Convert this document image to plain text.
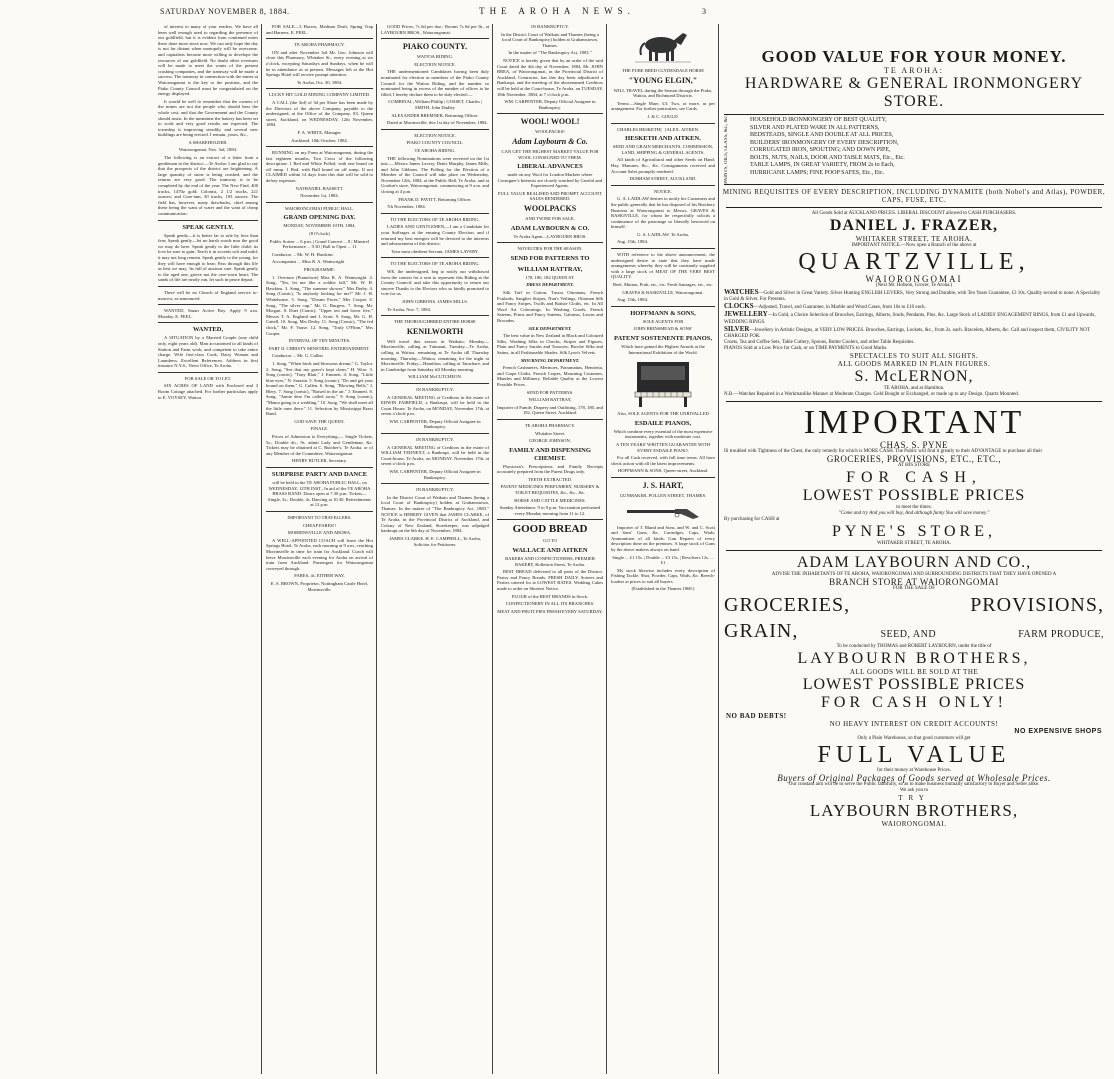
SATURDAY NOVEMBER 8, 1884.	THE AROHA NEWS.	3

of interest to many of your readers. We have all been well enough used to regarding the presence of our goldfield, but it is evident from continued notes there done more since now. We can only hope the day is not far distant when monopoly will be overcome, and capitalists become more willing to develope the resources of our goldfield. No doubt other overtures will be made to meet the wants of the present crushing companies, and the tramway will be made a success. The tramway in connection with the mines at Waiorongomai is the key to the position, and the Piako County Council must be congratulated on the energy displayed.

It would be well to remember that the owners of the mines are not the people who should bear the whole cost, and that the Government and the County should assist. In the meantime the battery has been set to work and very good results are expected. The township is improving steadily, and several new buildings are being erected. I remain, yours, &c.,

A SHAREHOLDER.

Waiorongomai, Nov. 3rd, 1884.

The following is an extract of a letter from a gentleman in the district:—Te Aroha: I am glad to say that the prospects of the district are brightening. A large quantity of stone is being crushed, and the returns are very good. The tramway is to be completed by the end of the year. The New Find, 400 trucks, 1470z gold; Colonist, 2 1/2 trucks, 221 ounces; and Cure-tam, 30 trucks, 103 ounces. The field has, however, many drawbacks, chief among these being the want of water and the want of cheap communication.

SPEAK GENTLY.

Speak gently—it is better far to rule by love than fear; Speak gently—let no harsh words mar the good we may do here. Speak gently to the little child; its love be sure to gain; Teach it in accents soft and mild; it may not long remain. Speak gently to the young, for they will have enough to bear; Pass through this life as best we may, 'tis full of anxious care. Speak gently to the aged one, grieve not the care-worn heart; The sands of life are nearly run, let such in peace depart.

There will be no Church of England service to-morrow, as announced.

WANTED, Smart Active Boy. Apply 9 a.m. Monday. E. PEEL.

WANTED,

A SITUATION by a Married Couple (one child only, eight years old). Man accustomed to all kinds of Station and Farm work, and competent to take entire charge. Wife first-class Cook, Dairy Woman and Laundress. Excellent References. Address in first instance N.Y.S., News Office, Te Aroha.

FOR SALE OR TO LET.

SIX ACRES OF LAND with Enclosed and 3 Room Cottage attached. For further particulars apply to E. VOYSEY, Waitoa.

FOR SALE—3 Horses, Medium Draft, Spring Trap and Harness. E. PEEL.

TE AROHA PHARMACY.

ON and after November 3rd Mr. Geo. Johnson will close this Pharmacy, Whitaker St., every evening at six o'clock, excepting Saturdays and Sundays, when he will be in attendance as at present. Messages left at the Hot Springs Hotel will receive prompt attention.

Te Aroha, Oct. 30, 1884.

LUCKY HIT GOLD MINING COMPANY LIMITED.

A CALL (the 3rd) of 3d per Share has been made by the Directors of the above Company, payable to the undersigned, at the Office of the Company, 83, Queen street, Auckland, on WEDNESDAY, 12th November, 1884.

F. A. WHITE, Manager.

Auckland, 18th October, 1884.

RUNNING on my Farm at Waiorongomai, during the last eighteen months, Two Cows of the following description: 1 Red and White Polled, with one brand on off rump. 1 Red, with Bull brand on off rump. If not CLAIMED within 14 days from this date will be sold to defray expenses.

NATHANIEL BASSETT.

November 1st, 1884.

WAIORONGOMAI PUBLIC HALL.

GRAND OPENING DAY.

MONDAY, NOVEMBER 10TH, 1884.

(8 O'clock)

Public Soiree ... 6 p.m. | Grand Concert ... 8 | Minstrel Performance ... 9.30 | Ball to Open ... 11

Conductor ... Mr. W. H. Hawkins

Accompanist ... Miss R. A. Wainwright

PROGRAMME:

1. Overture (Pianoforte) Miss R. A. Wainwright. 2. Song, "Yes, let me like a soldier fall," Mr. W. H. Hawkins. 3. Song, "The summer shower." Mrs Derby. 4. Song (Comic), "Is anybody looking for me?" Mr. J. H. Whitehouse. 5. Song, "Dream Faces," Mrs Cooper. 6. Song, "The silver cup," Mr. G. Burgess. 7. Song, Mr. Morgan. 8. Duet (Comic), "Upper ten and lower five," Messrs T. A. England and J. Scott. 9. Song, Mr. G. H. Cattell. 10. Song, Mrs Derby. 11. Song (Comic), "The fed chick," Mr. F. Vause. 12. Song, "Truly O'Flinn," Mrs Cooper.

INTERVAL OF TEN MINUTES.

PART II. CHRISTY MINSTREL ENTERTAINMENT.

Conductor ... Mr. G. Cullen

1. Song, "When birds and blossoms dream," G. Taylor. 2. Song, "See that my grave's kept clean," H. Wise. 3. Song (comic), "Tony Blair," J. Emmett. 4. Song, "Little blue eyes," N. Sarazin. 5. Song (comic), "Do and get your hound on them," G. Cullen. 6. Song, "Blowing Bells," J. Blery. 7. Song (comic), "Raised in the air." J. Emmett. 8. Song, "Annie dear I'm called away." 9. Song (comic), "Mama going to a wedding." 10. Song, "We shall meet all the little ones there." 11. Selection by Mississippi Brass Band.

GOD SAVE THE QUEEN.

FINALE.

Prices of Admission to Everything:— Single Tickets, 5s.; Double do., 9s. admit Lady and Gentleman, &c. Tickets may be obtained at C. Butcher's, Te Aroha, or of any Member of the Committee, Waiorongomai.

HENRY BUTLER, Secretary.

SURPRISE PARTY AND DANCE

will be held in the TE AROHA PUBLIC HALL, on WEDNESDAY, 12TH INST., In aid of the TE AROHA BRASS BAND. Doors open at 7.30 p.m. Tickets—Single, 3s.; Double, 4s. Dancing at 10.30. Refreshments at 12 p.m.

IMPORTANT TO TRAVELLERS.

CHEAP FARES!!

MORRINSVILLE AND AROHA.

A WELL-APPOINTED COACH will leave the Hot Springs Hotel, Te Aroha, each morning at 9 a.m., reaching Morrinsville in time for train for Auckland. Coach will leave Morrinsville each evening for Aroha on arrival of train from Auckland. Passengers for Waiorongomai conveyed through.

FARES, 4s. EITHER WAY.

E. S. BROWN, Proprietor, Nottingham Castle Hotel, Morrinsville.

GOOD Prices, 7s 6d per doz.; Rooms 7s 6d per lb., at LAYBOURN BROS., Waiorongomai.

PIAKO COUNTY.

WAITOA RIDING.

ELECTION NOTICE.

THE undermentioned Candidates having been duly nominated for election as members of the Piako County Council for the Waitoa Riding, and the number so nominated being in excess of the number of offices to be filled, I hereby declare them to be duly elected:—

COMBINAL, William Phillip | GOSSET, Charles | SMITH, John Dudley

ALEXANDER BREMNER, Returning Officer.

Dated at Morrinsville, this 1st day of November, 1884.

ELECTION NOTICE.

PIAKO COUNTY COUNCIL.

TE AROHA RIDING.

THE following Nominations were received on the 1st inst.:—Messrs James Lavery, Denis Murphy, James Mills, and John Gibbons. The Polling for the Election of a Member of the Council will take place on Wednesday, November 12th, 1884, at the Public Hall, Te Aroha, and at Gordon's store, Waiorongomai, commencing at 9 a.m. and closing at 4 p.m.

FRANK D. PAVITT, Returning Officer.

7th November, 1884.

TO THE ELECTORS OF TE AROHA RIDING.

LADIES AND GENTLEMEN,—I am a Candidate for your Suffrages at the ensuing County Election, and if returned my best energies will be devoted to the interests and advancement of this district.

Your most obedient Servant, JAMES LAVERY.

TO THE ELECTORS OF TE AROHA RIDING.

WE, the undersigned, beg to notify our withdrawal from the contest for a seat to represent this Riding at the County Council, and take this opportunity to return our sincere Thanks to the Electors who so kindly promised to vote for us.

JOHN GIBBONS. JAMES MILLS.

Te Aroha, Nov. 7, 1884.

THE THOROUGHBRED ENTIRE HORSE

KENILWORTH

Will travel this season in Waikato: Monday—Morrinsville, calling at Tatuanui, Tuesday—Te Aroha, calling at Waitoa, remaining at Te Aroha till Thursday morning. Thursday—Waitoa, remaining for the night at Morrinsville. Friday—Hamilton, calling at Tauwhare, and in Cambridge from Saturday till Monday morning.

WILLIAM McCUTCHEON.

IN BANKRUPTCY.

A GENERAL MEETING of Creditors in the estate of EDWIN FAIRFIELD, a Bankrupt, will be held in the Court House, Te Aroha, on MONDAY, November 17th, at seven o'clock p.m.

WM. CARPENTER, Deputy Official Assignee in Bankruptcy.

IN BANKRUPTCY.

A GENERAL MEETING of Creditors in the estate of WILLIAM TEDNEXT, a Bankrupt, will be held in the Court-house, Te Aroha, on MONDAY, November 17th, at seven o'clock p.m.

WM. CARPENTER, Deputy Official Assignee in Bankruptcy.

IN BANKRUPTCY.

In the District Court of Waikato and Thames (being a local Court of Bankruptcy) holden at Grahamstown, Thames. In the matter of "The Bankruptcy Act, 1883." NOTICE is HEREBY GIVEN that JAMES CLARKE, of Te Aroha, in the Provincial District of Auckland, and Colony of New Zealand, Storekeeper, was adjudged bankrupt on the 6th day of November, 1884.

JAMES CLARKE. H. E. CAMPBELL, Te Aroha, Solicitor for Petitioner.

IN BANKRUPTCY.

In the District Court of Waikato and Thames (being a local Court of Bankruptcy) holden at Grahamstown, Thames.

In the matter of "The Bankruptcy Act, 1883."

NOTICE is hereby given that by an order of the said Court dated the 4th day of November, 1884, Mr. JOHN BREA, of Waiorongomai, in the Provincial District of Auckland, Contractor, has this day been adjudicated a Bankrupt, and the meeting of the abovenamed Creditors will be held at the Court-house, Te Aroha, on TUESDAY, 18th November, 1884, at 7 o'clock p.m.

WM. CARPENTER, Deputy Official Assignee in Bankruptcy.

WOOL! WOOL!

WOOLPACKS!

Adam Laybourn & Co.

CAN GET THE HIGHEST MARKET VALUE FOR WOOL CONSIGNED TO THEM.

LIBERAL ADVANCES

made on any Wool for London Markets where Consigner's Interests are closely watched by Careful and Experienced Agents.

FULL VALUE REALISED AND PROMPT ACCOUNT SALES RENDERED.

WOOLPACKS

AND TWINE FOR SALE.

ADAM LAYBOURN & CO.

Te Aroha Agent—LAYBOURN BROS.

NOVELTIES FOR THE SEASON.

SEND FOR PATTERNS TO

WILLIAM RATTRAY,

178, 180, 182 QUEEN ST.

DRESS DEPARTMENT.

Silk Tuff in Cotton, Tussor Ottomans, French Foulards, Sanglier Stripes, Nun's Veilings, Ottoman Silk and Fancy Stripes, Twills and Batiste Cloths, etc. In All Wool Art Colourings. In Washing Goods, French Sateens, Prints and Fancy Sateens, Galateas, Lawns and Brocades.

SILK DEPARTMENT.

The best value in New Zealand in Black and Coloured Silks, Washing Silks in Checks, Stripes and Figures, Plain and Fancy Surahs and Tussores, Broche Silks and Satins, in all Fashionable Shades. Silk Lyon's Velvets.

MOURNING DEPARTMENT.

French Cashmeres, Merinoes, Parramattas, Henrietta, and Crape Cloths, French Crapes, Mourning Costumes, Mantles and Millinery. Reliable Quality at the Lowest Possible Prices.

SEND FOR PATTERNS.

WILLIAM RATTRAY,

Importer of Family Drapery and Outfitting, 178, 180, and 182, Queen Street, Auckland.

TE AROHA PHARMACY.

Whitaker Street.

GEORGE JOHNSON,

FAMILY AND DISPENSING CHEMIST.

Physician's Prescriptions and Family Receipts accurately prepared from the Purest Drugs only.

TEETH EXTRACTED.

PATENT MEDICINES PERFUMERY, NURSERY & TOILET REQUISITES, &c., &c., &c.

HORSE AND CATTLE MEDICINES.

Sunday Attendance, 9 to 9 p.m. Vaccination performed every Monday morning from 11 to 12.

GOOD BREAD

GO TO

WALLACE AND AITKEN

BAKERS AND CONFECTIONERS, PREMIER BAKERY, Rolleston Street, Te Aroha.

BEST BREAD delivered to all parts of the District. Pastry and Fancy Breads. FRESH DAILY. Soirees and Parties catered for at LOWEST RATES. Wedding Cakes made to order on Shortest Notice.

FLOUR of the BEST BRANDS in Stock.

CONFECTIONERY IN ALL ITS BRANCHES.

MEAT AND FRUIT PIES FRESH EVERY SATURDAY.

THE PURE BRED CLYDESDALE HORSE

"YOUNG ELGIN,"

WILL TRAVEL during the Season through the Piako, Waitoa, and Richmond Districts.

Terms:—Single Mare, £3; Two, or more, as per arrangement. For further particulars, see Cards.

J. & C. GOULD.

CHARLES HESKETH] [ALEX. AITKEN.

HESKETH AND AITKEN.

SEED AND GRAIN MERCHANTS, COMMISSION, LAND, SHIPPING & GENERAL AGENTS.

All kinds of Agricultural and other Seeds on Hand. Hay, Manures, &c., &c. Consignments received and Account Sales promptly rendered.

DURHAM STREET, AUCKLAND.

NOTICE.

G. A. LAIDLAW desires to notify his Customers and the public generally that he has disposed of his Butchery Business at Waiorongomai to Messrs. GRAVES & BASKIVILLE, for whom he respectfully solicits a continuance of the patronage so liberally bestowed on himself.

G. A. LAIDLAW. Te Aroha.

Aug. 15th, 1884.

WITH reference to the above announcement, the undersigned desire to state that they have made arrangements whereby they will be constantly supplied with a large stock of MEAT OF THE VERY BEST QUALITY.

Beef, Mutton, Pork, etc., etc. Fresh Sausages, etc., etc.

GRAVES & BASKIVILLE, Waiorongomai.

Aug. 15th, 1884.

HOFFMANN & SONS,

SOLE AGENTS FOR

JOHN BRINSMEAD & SONS'

PATENT SOSTENENTE PIANOS,

Which have gained the Highest Awards at the International Exhibition of the World.

Also, SOLE AGENTS FOR THE UNRIVALLED

ESDAILE PIANOS,

Which combine every essential of the most expensive instruments, together with moderate cost.

A TEN YEARS' WRITTEN GUARANTEE WITH EVERY ESDAILE PIANO.

For all Cash received, with full time terms. All have check action with all the latest improvements.

HOFFMANN & SONS, Queen-street, Auckland.

J. S. HART,

GUNMAKER, POLLEN STREET, THAMES.

Importer of T. Bland and Sons, and W. and C. Scott and Sons' Guns, &c. Cartridges, Caps, Wads, Ammunition of all kinds. Gun Repairs of every description done on the premises. A large stock of Guns by the above makers always on hand.

Single ... £1 15s. | Double ... £3 15s. | Revolvers 12s. ... £1

My stock likewise includes every description of Fishing Tackle. Shot, Powder, Caps, Wads, &c. Breech-loaders at prices to suit all buyers.

(Established in the Thames 1868.)

GOOD VALUE FOR YOUR MONEY.
TE AROHA:
HARDWARE & GENERAL IRONMONGERY STORE.
PAINTS, OILS, GLASS, &c., &c.	HOUSEHOLD IRONMONGERY OF BEST QUALITY,
SILVER AND PLATED WARE IN ALL PATTERNS,
BEDSTEADS, SINGLE AND DOUBLE AT ALL PRICES,
BUILDERS' IRONMONGERY OF EVERY DESCRIPTION,
CORRUGATED IRON, SPOUTING; AND DOWN PIPE,
BOLTS, NUTS, NAILS, DOOR AND TABLE MATS, Etc., Etc.
TABLE LAMPS, IN GREAT VARIETY, FROM 2s to Each,
HURRICANE LAMPS; FINE POOP SAFES, Etc., Etc.
MINING REQUISITES OF EVERY DESCRIPTION, INCLUDING DYNAMITE (both Nobel's and Atlas), POWDER, CAPS, FUSE, ETC.
All Goods Sold at AUCKLAND PRICES. LIBERAL DISCOUNT allowed to CASH PURCHASERS.
DANIEL J. FRAZER,
WHITAKER STREET, TE AROHA.
IMPORTANT NOTICE.—Now open a Branch of the above at
QUARTZVILLE,
WAIORONGOMAI
(Next Mr. Hobson, Grocer, Te Aroha.)
WATCHES—Gold and Silver in Great Variety. Silver Hunting ENGLISH LEVERS, Very Strong and Durable, with Ten Years Guarantee, £3 10s. Quality second to none. A Speciality in Gold & Silver. For Presents.
CLOCKS—Adjusted, Travel, and Guarantee, in Marble and Wood Cases, from 10s to £10 each.
JEWELLERY—In Gold, a Choice Selection of Brooches, Earrings, Alberts, Studs, Pendants, Pins, &c. Large Stock of LADIES' ENGAGEMENT RINGS, from £1 and Upwards, WEDDING RINGS.
SILVER—Jewellery in Artistic Designs, at VERY LOW PRICES. Brooches, Earrings, Lockets, &c., from 2s. each. Bracelets, Alberts, &c. Call and inspect them, CIVILITY NOT CHARGED FOR.
Cruets, Tea and Coffee Sets, Table Cutlery, Spoons, Butter Coolers, and other Table Requisites.
PIANOS Sold at a Low Price for Cash, or on TIME PAYMENTS to Good Marks.
SPECTACLES TO SUIT ALL SIGHTS.
ALL GOODS MARKED IN PLAIN FIGURES.
S. McLERNON,
TE AROHA, and at Hamilton.
N.B.—Watches Repaired in a Workmanlike Manner at Moderate Charges. Gold Bought or Exchanged, or made up to any Design. Quartz Mounted.
IMPORTANT
CHAS. S. PYNE
IS troubled with Tightness of the Chest, the only remedy for which is MORE CASH. The Public will find it greatly to their ADVANTAGE to purchase all their
GROCERIES, PROVISIONS, ETC., ETC.,
AT HIS STORE
FOR CASH,
LOWEST POSSIBLE PRICES
to meet the times.
"Come and try And you will buy, And although funny You will save money."
By purchasing for CASH at
PYNE'S STORE,
WHITAKER STREET, TE AROHA.
ADAM LAYBOURN AND CO.,
ADVISE THE INHABITANTS OF TE AROHA, WAIORONGOMAI AND SURROUNDING DISTRICTS THAT THEY HAVE OPENED A
BRANCH STORE AT WAIORONGOMAI
FOR THE SALE OF
GROCERIES,	PROVISIONS,
GRAIN,	SEED, AND	FARM PRODUCE,
To be conducted by THOMAS and ROBERT LAYBOURN, under the title of
LAYBOURN BROTHERS,
ALL GOODS WILL BE SOLD AT THE
LOWEST POSSIBLE PRICES
FOR CASH ONLY!
NO BAD DEBTS!
NO HEAVY INTEREST ON CREDIT ACCOUNTS!
NO EXPENSIVE SHOPS
Only a Plain Warehouse, so that good customers will get
FULL VALUE
for their money at Warehouse Prices.
Buyers of Original Packages of Goods served at Wholesale Prices.
Our constant aim will be to serve the Public faithfully, so as to make business mutually satisfactory to Buyer and Seller alike.
We ask you to
TRY
LAYBOURN BROTHERS,
WAIORONGOMAI.
